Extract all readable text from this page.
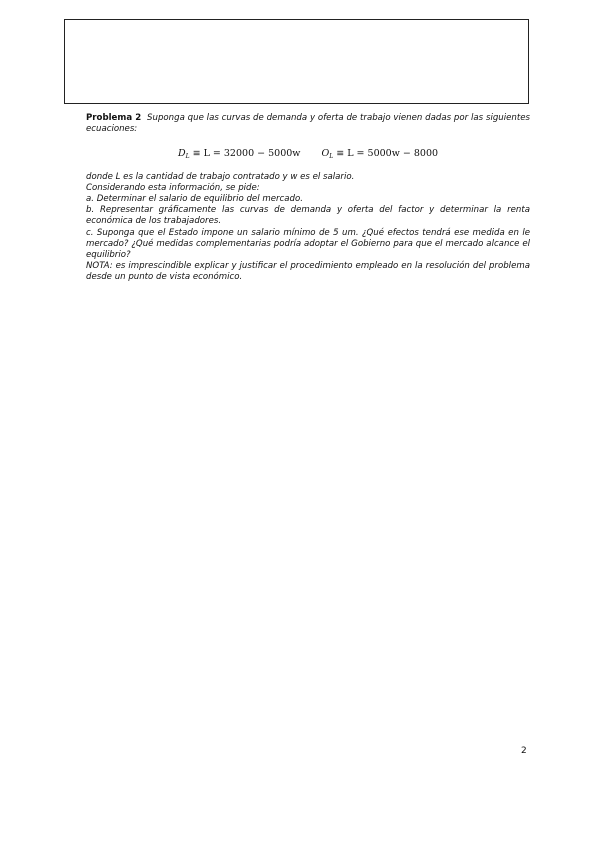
Problema 2 Suponga que las curvas de demanda y oferta de trabajo vienen dadas por las siguientes ecuaciones:

$D_L \equiv L = 32000 - 5000w$ $O_L \equiv L = 5000w - 8000$

donde L es la cantidad de trabajo contratado y w es el salario.

Considerando esta información, se pide:

a. Determinar el salario de equilibrio del mercado.

b. Representar gráficamente las curvas de demanda y oferta del factor y determinar la renta económica de los trabajadores.

c. Suponga que el Estado impone un salario mínimo de 5 um. ¿Qué efectos tendrá ese medida en le mercado? ¿Qué medidas complementarias podría adoptar el Gobierno para que el mercado alcance el equilibrio?

NOTA: es imprescindible explicar y justificar el procedimiento empleado en la resolución del problema desde un punto de vista económico.

2
